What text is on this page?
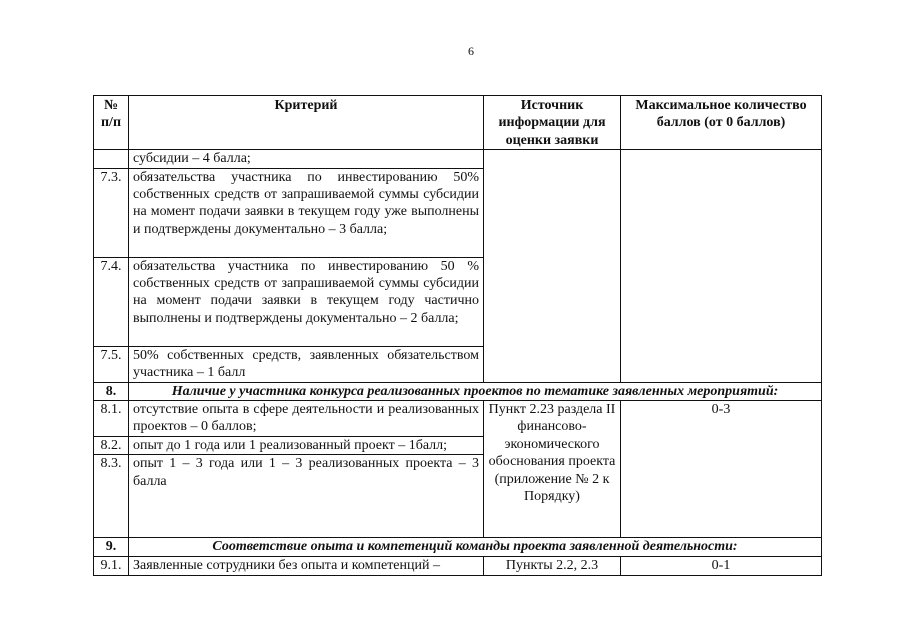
6
№
п/п	Критерий	Источник информации для оценки заявки	Максимальное количество баллов (от 0 баллов)
	субсидии – 4 балла;		
7.3.	обязательства участника по инвестированию 50% собственных средств от запрашиваемой суммы субсидии на момент подачи заявки в текущем году уже выполнены и подтверждены документально – 3 балла;		
7.4.	обязательства участника по инвестированию 50 % собственных средств от запрашиваемой суммы субсидии на момент подачи заявки в текущем году частично выполнены и подтверждены документально – 2 балла;		
7.5.	50% собственных средств, заявленных обязательством участника – 1 балл		
8.	Наличие у участника конкурса реализованных проектов по тематике заявленных мероприятий:		
8.1.	отсутствие опыта в сфере деятельности и реализованных проектов – 0 баллов;	Пункт 2.23 раздела II финансово-экономического обоснования проекта (приложение № 2 к Порядку)	0-3
8.2.	опыт до 1 года или 1 реализованный проект – 1балл;		
8.3.	опыт 1 – 3 года или 1 – 3 реализованных проекта – 3 балла		
9.	Соответствие опыта и компетенций команды проекта заявленной деятельности:		
9.1.	Заявленные сотрудники без опыта и компетенций –	Пункты 2.2, 2.3	0-1
